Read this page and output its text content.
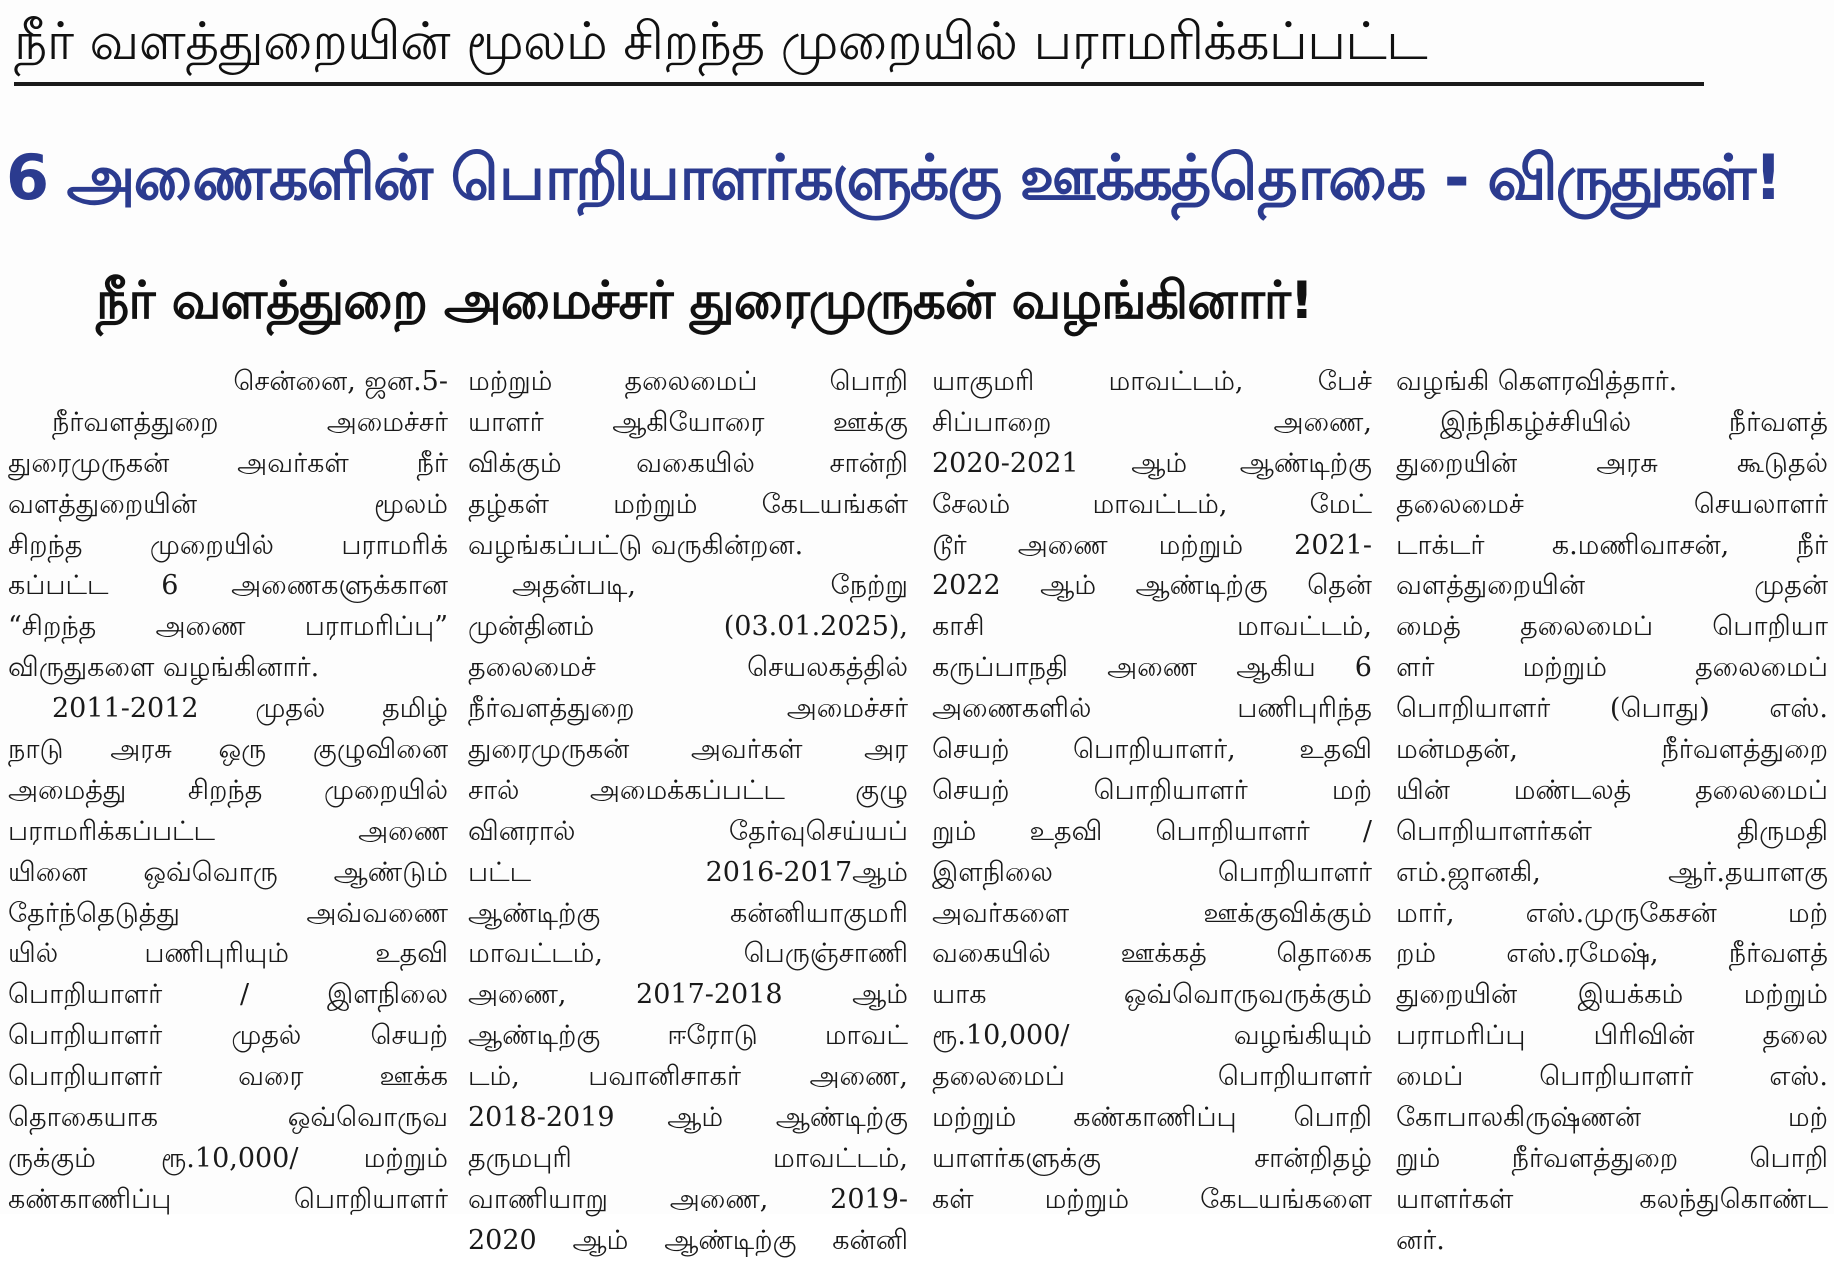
நீர் வளத்துறையின் மூலம் சிறந்த முறையில் பராமரிக்கப்பட்ட
6 அணைகளின் பொறியாளர்களுக்கு ஊக்கத்தொகை - விருதுகள்!
நீர் வளத்துறை அமைச்சர் துரைமுருகன் வழங்கினார்!
சென்னை, ஜன.5-
நீர்வளத்துறை அமைச்சர்
துரைமுருகன் அவர்கள் நீர்
வளத்துறையின் மூலம்
சிறந்த முறையில் பராமரிக்
கப்பட்ட 6 அணைகளுக்கான
“சிறந்த அணை பராமரிப்பு”
விருதுகளை வழங்கினார்.
2011-2012 முதல் தமிழ்
நாடு அரசு ஒரு குழுவினை
அமைத்து சிறந்த முறையில்
பராமரிக்கப்பட்ட அணை
யினை ஒவ்வொரு ஆண்டும்
தேர்ந்தெடுத்து அவ்வணை
யில் பணிபுரியும் உதவி
பொறியாளர் / இளநிலை
பொறியாளர் முதல் செயற்
பொறியாளர் வரை ஊக்க
தொகையாக ஒவ்வொருவ
ருக்கும் ரூ.10,000/ மற்றும்
கண்காணிப்பு பொறியாளர்
மற்றும் தலைமைப் பொறி
யாளர் ஆகியோரை ஊக்கு
விக்கும் வகையில் சான்றி
தழ்கள் மற்றும் கேடயங்கள்
வழங்கப்பட்டு வருகின்றன.
அதன்படி, நேற்று
முன்தினம் (03.01.2025),
தலைமைச் செயலகத்தில்
நீர்வளத்துறை அமைச்சர்
துரைமுருகன் அவர்கள் அர
சால் அமைக்கப்பட்ட குழு
வினரால் தேர்வுசெய்யப்
பட்ட 2016-2017ஆம்
ஆண்டிற்கு கன்னியாகுமரி
மாவட்டம், பெருஞ்சாணி
அணை, 2017-2018 ஆம்
ஆண்டிற்கு ஈரோடு மாவட்
டம், பவானிசாகர் அணை,
2018-2019 ஆம் ஆண்டிற்கு
தருமபுரி மாவட்டம்,
வாணியாறு அணை, 2019-
2020 ஆம் ஆண்டிற்கு கன்னி
யாகுமரி மாவட்டம், பேச்
சிப்பாறை அணை,
2020-2021 ஆம் ஆண்டிற்கு
சேலம் மாவட்டம், மேட்
டூர் அணை மற்றும் 2021-
2022 ஆம் ஆண்டிற்கு தென்
காசி மாவட்டம்,
கருப்பாநதி அணை ஆகிய 6
அணைகளில் பணிபுரிந்த
செயற் பொறியாளர், உதவி
செயற் பொறியாளர் மற்
றும் உதவி பொறியாளர் /
இளநிலை பொறியாளர்
அவர்களை ஊக்குவிக்கும்
வகையில் ஊக்கத் தொகை
யாக ஒவ்வொருவருக்கும்
ரூ.10,000/ வழங்கியும்
தலைமைப் பொறியாளர்
மற்றும் கண்காணிப்பு பொறி
யாளர்களுக்கு சான்றிதழ்
கள் மற்றும் கேடயங்களை
வழங்கி கௌரவித்தார்.
இந்நிகழ்ச்சியில் நீர்வளத்
துறையின் அரசு கூடுதல்
தலைமைச் செயலாளர்
டாக்டர் க.மணிவாசன், நீர்
வளத்துறையின் முதன்
மைத் தலைமைப் பொறியா
ளர் மற்றும் தலைமைப்
பொறியாளர் (பொது) எஸ்.
மன்மதன், நீர்வளத்துறை
யின் மண்டலத் தலைமைப்
பொறியாளர்கள் திருமதி
எம்.ஜானகி, ஆர்.தயாளகு
மார், எஸ்.முருகேசன் மற்
றம் எஸ்.ரமேஷ், நீர்வளத்
துறையின் இயக்கம் மற்றும்
பராமரிப்பு பிரிவின் தலை
மைப் பொறியாளர் எஸ்.
கோபாலகிருஷ்ணன் மற்
றும் நீர்வளத்துறை பொறி
யாளர்கள் கலந்துகொண்ட
னர்.
